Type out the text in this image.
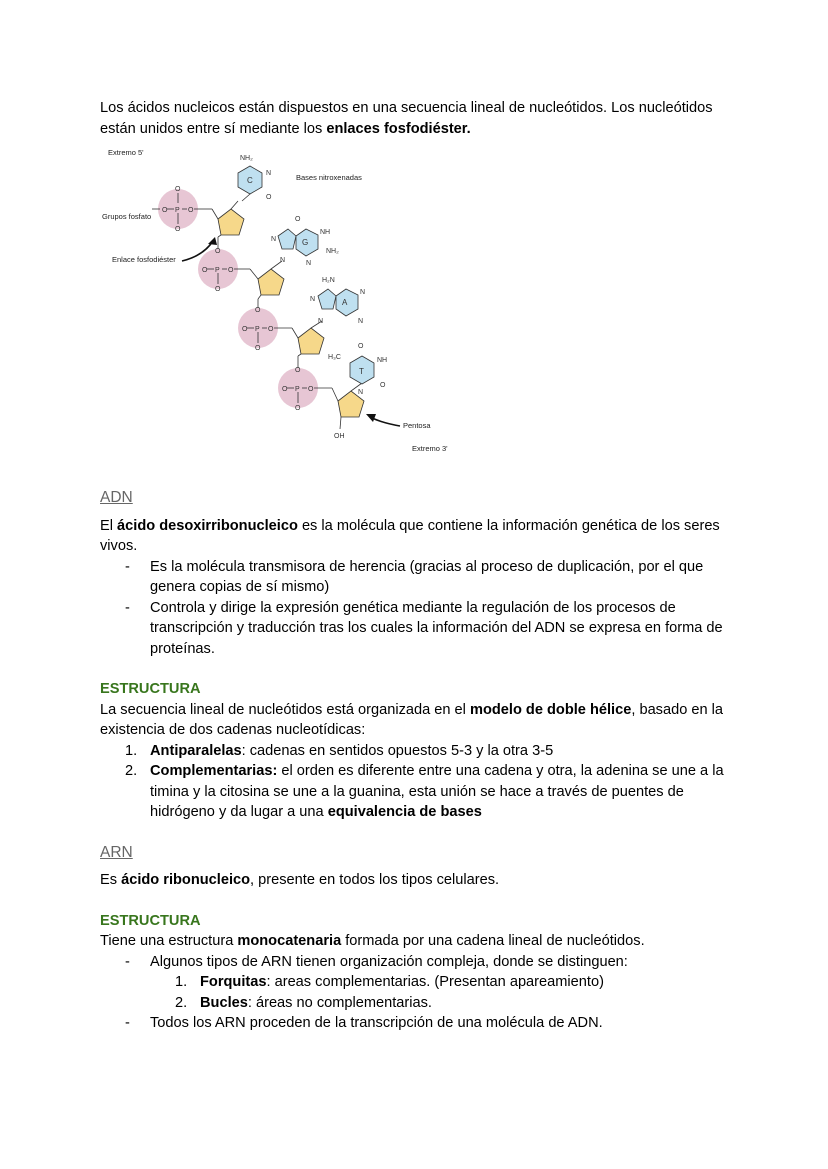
Los ácidos nucleicos están dispuestos en una secuencia lineal de nucleótidos. Los nucleótidos están unidos entre sí mediante los enlaces fosfodiéster.

Extremo 5'
Grupos fosfato
Enlace fosfodiéster
Bases nitroxenadas
Pentosa
Extremo 3'
O
P
O
O	O
O
P
O
O	O
O
P
O
O	O
O
P
O
O	O
OH
C
NH₂
N
O
G
O
NH
NH₂
N
N
N
A
H₂N
N
N
N
N
T
O
NH
O
H₃C
N

ADN

El ácido desoxirribonucleico es la molécula que contiene la información genética de los seres vivos.

- Es la molécula transmisora de herencia (gracias al proceso de duplicación, por el que genera copias de sí mismo)
- Controla y dirige la expresión genética mediante la regulación de los procesos de transcripción y traducción tras los cuales la información del ADN se expresa en forma de proteínas.

ESTRUCTURA

La secuencia lineal de nucleótidos está organizada en el modelo de doble hélice, basado en la existencia de dos cadenas nucleotídicas:

1. Antiparalelas: cadenas en sentidos opuestos 5-3 y la otra 3-5
2. Complementarias: el orden es diferente entre una cadena y otra, la adenina se une a la timina y la citosina se une a la guanina, esta unión se hace a través de puentes de hidrógeno y da lugar a una equivalencia de bases

ARN

Es ácido ribonucleico, presente en todos los tipos celulares.

ESTRUCTURA

Tiene una estructura monocatenaria formada por una cadena lineal de nucleótidos.

- Algunos tipos de ARN tienen organización compleja, donde se distinguen:
1. Forquitas: areas complementarias. (Presentan apareamiento)
2. Bucles: áreas no complementarias.
- Todos los ARN proceden de la transcripción de una molécula de ADN.
